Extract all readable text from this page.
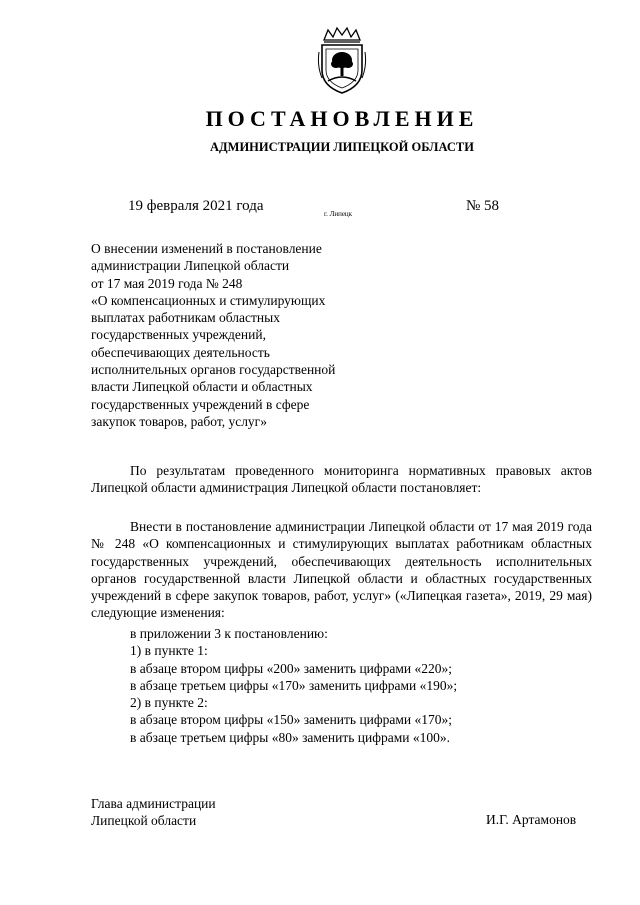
ПОСТАНОВЛЕНИЕ
АДМИНИСТРАЦИИ ЛИПЕЦКОЙ ОБЛАСТИ
19 февраля 2021 года	г. Липецк	№ 58
О внесении изменений в постановление
администрации Липецкой области
от 17 мая 2019 года № 248
«О компенсационных и стимулирующих
выплатах работникам областных
государственных учреждений,
обеспечивающих деятельность
исполнительных органов государственной
власти Липецкой области и областных
государственных учреждений в сфере
закупок товаров, работ, услуг»
По результатам проведенного мониторинга нормативных правовых актов Липецкой области администрация Липецкой области постановляет:
Внести в постановление администрации Липецкой области от 17 мая 2019 года № 248 «О компенсационных и стимулирующих выплатах работникам областных государственных учреждений, обеспечивающих деятельность исполнительных органов государственной власти Липецкой области и областных государственных учреждений в сфере закупок товаров, работ, услуг» («Липецкая газета», 2019, 29 мая) следующие изменения:
в приложении 3 к постановлению:
1) в пункте 1:
в абзаце втором цифры «200» заменить цифрами «220»;
в абзаце третьем цифры «170» заменить цифрами «190»;
2) в пункте 2:
в абзаце втором цифры «150» заменить цифрами «170»;
в абзаце третьем цифры «80» заменить цифрами «100».
Глава администрации
Липецкой области	И.Г. Артамонов
